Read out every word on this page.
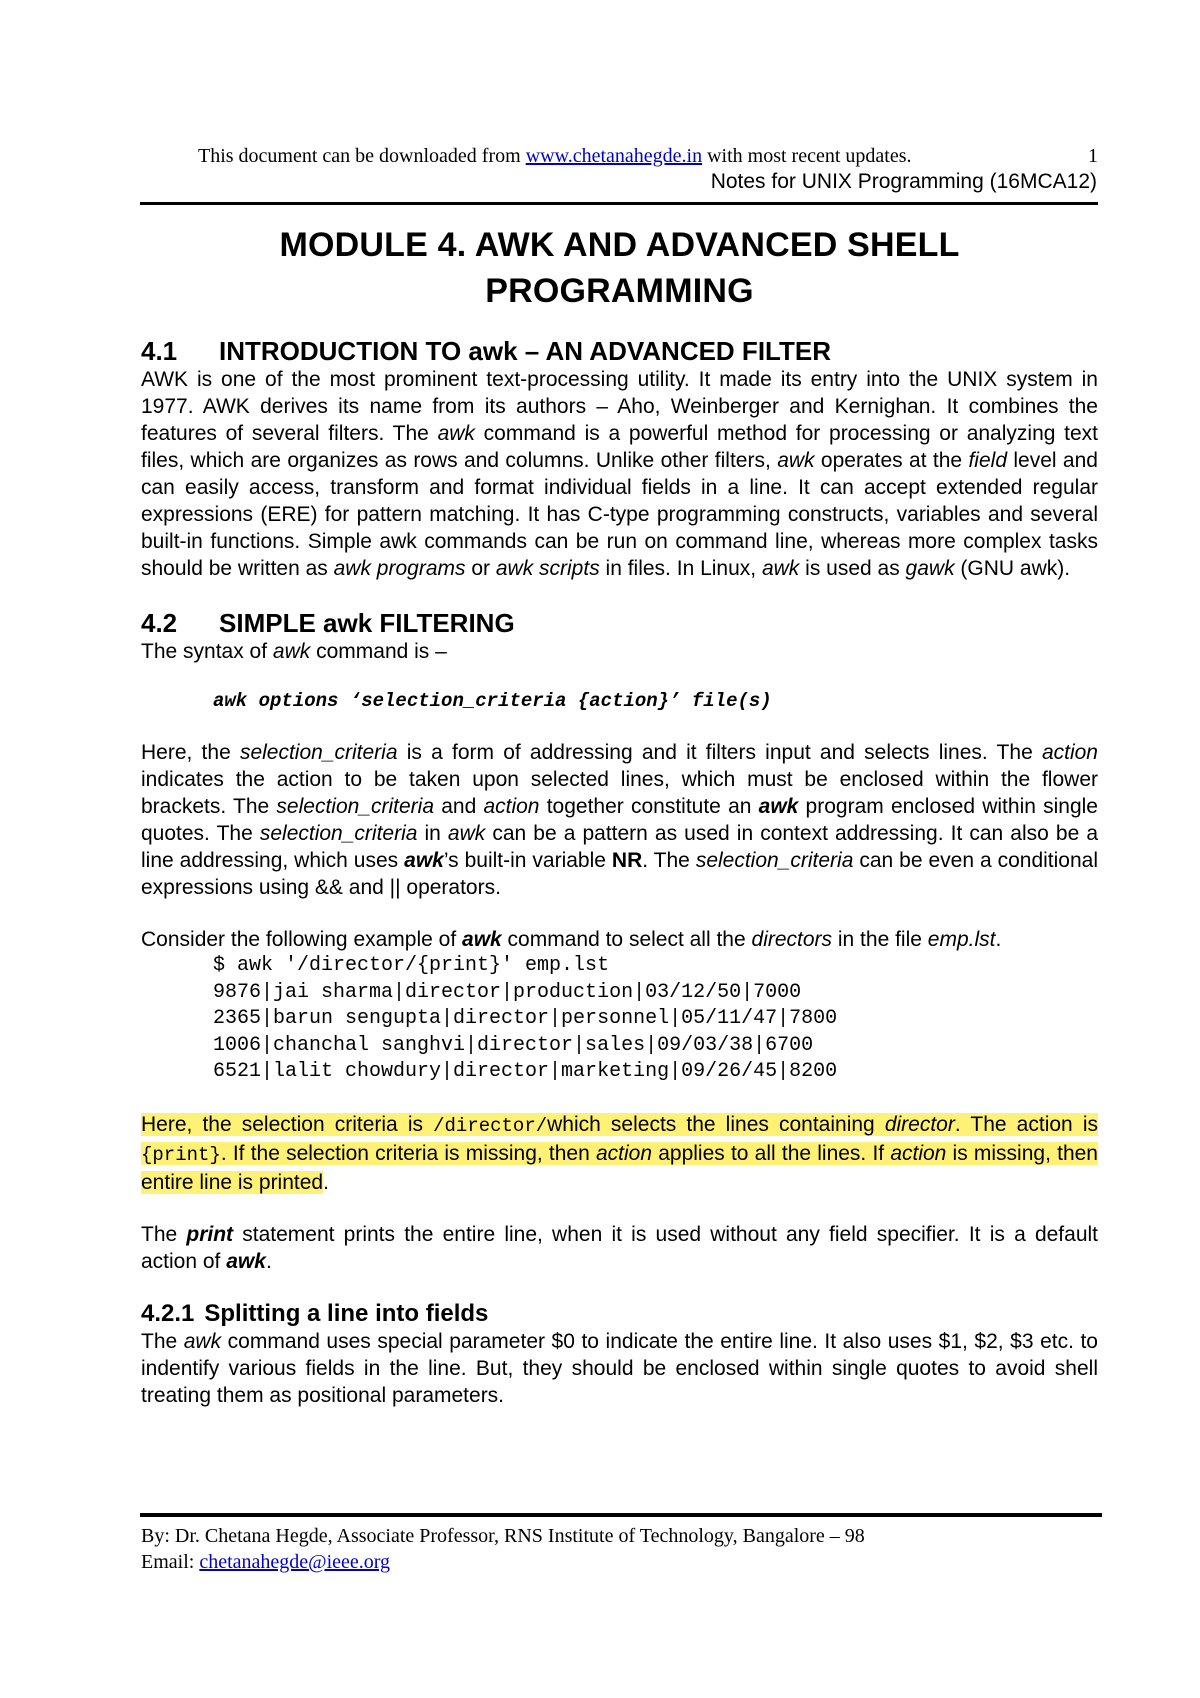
This document can be downloaded from www.chetanahegde.in with most recent updates.	1
Notes for UNIX Programming (16MCA12)
MODULE 4. AWK AND ADVANCED SHELL
PROGRAMMING
4.1 INTRODUCTION TO awk – AN ADVANCED FILTER

AWK is one of the most prominent text-processing utility. It made its entry into the UNIX system in 1977. AWK derives its name from its authors – Aho, Weinberger and Kernighan. It combines the features of several filters. The awk command is a powerful method for processing or analyzing text files, which are organizes as rows and columns. Unlike other filters, awk operates at the field level and can easily access, transform and format individual fields in a line. It can accept extended regular expressions (ERE) for pattern matching. It has C-type programming constructs, variables and several built-in functions. Simple awk commands can be run on command line, whereas more complex tasks should be written as awk programs or awk scripts in files. In Linux, awk is used as gawk (GNU awk).

4.2 SIMPLE awk FILTERING

The syntax of awk command is –

awk options ‘selection_criteria {action}’ file(s)

Here, the selection_criteria is a form of addressing and it filters input and selects lines. The action indicates the action to be taken upon selected lines, which must be enclosed within the flower brackets. The selection_criteria and action together constitute an awk program enclosed within single quotes. The selection_criteria in awk can be a pattern as used in context addressing. It can also be a line addressing, which uses awk’s built-in variable NR. The selection_criteria can be even a conditional expressions using && and || operators.

Consider the following example of awk command to select all the directors in the file emp.lst.

$ awk '/director/{print}' emp.lst
9876|jai sharma|director|production|03/12/50|7000
2365|barun sengupta|director|personnel|05/11/47|7800
1006|chanchal sanghvi|director|sales|09/03/38|6700
6521|lalit chowdury|director|marketing|09/26/45|8200

Here, the selection criteria is /director/which selects the lines containing director. The action is {print}. If the selection criteria is missing, then action applies to all the lines. If action is missing, then entire line is printed.

The print statement prints the entire line, when it is used without any field specifier. It is a default action of awk.

4.2.1 Splitting a line into fields

The awk command uses special parameter $0 to indicate the entire line. It also uses $1, $2, $3 etc. to indentify various fields in the line. But, they should be enclosed within single quotes to avoid shell treating them as positional parameters.

By: Dr. Chetana Hegde, Associate Professor, RNS Institute of Technology, Bangalore – 98
Email: chetanahegde@ieee.org
